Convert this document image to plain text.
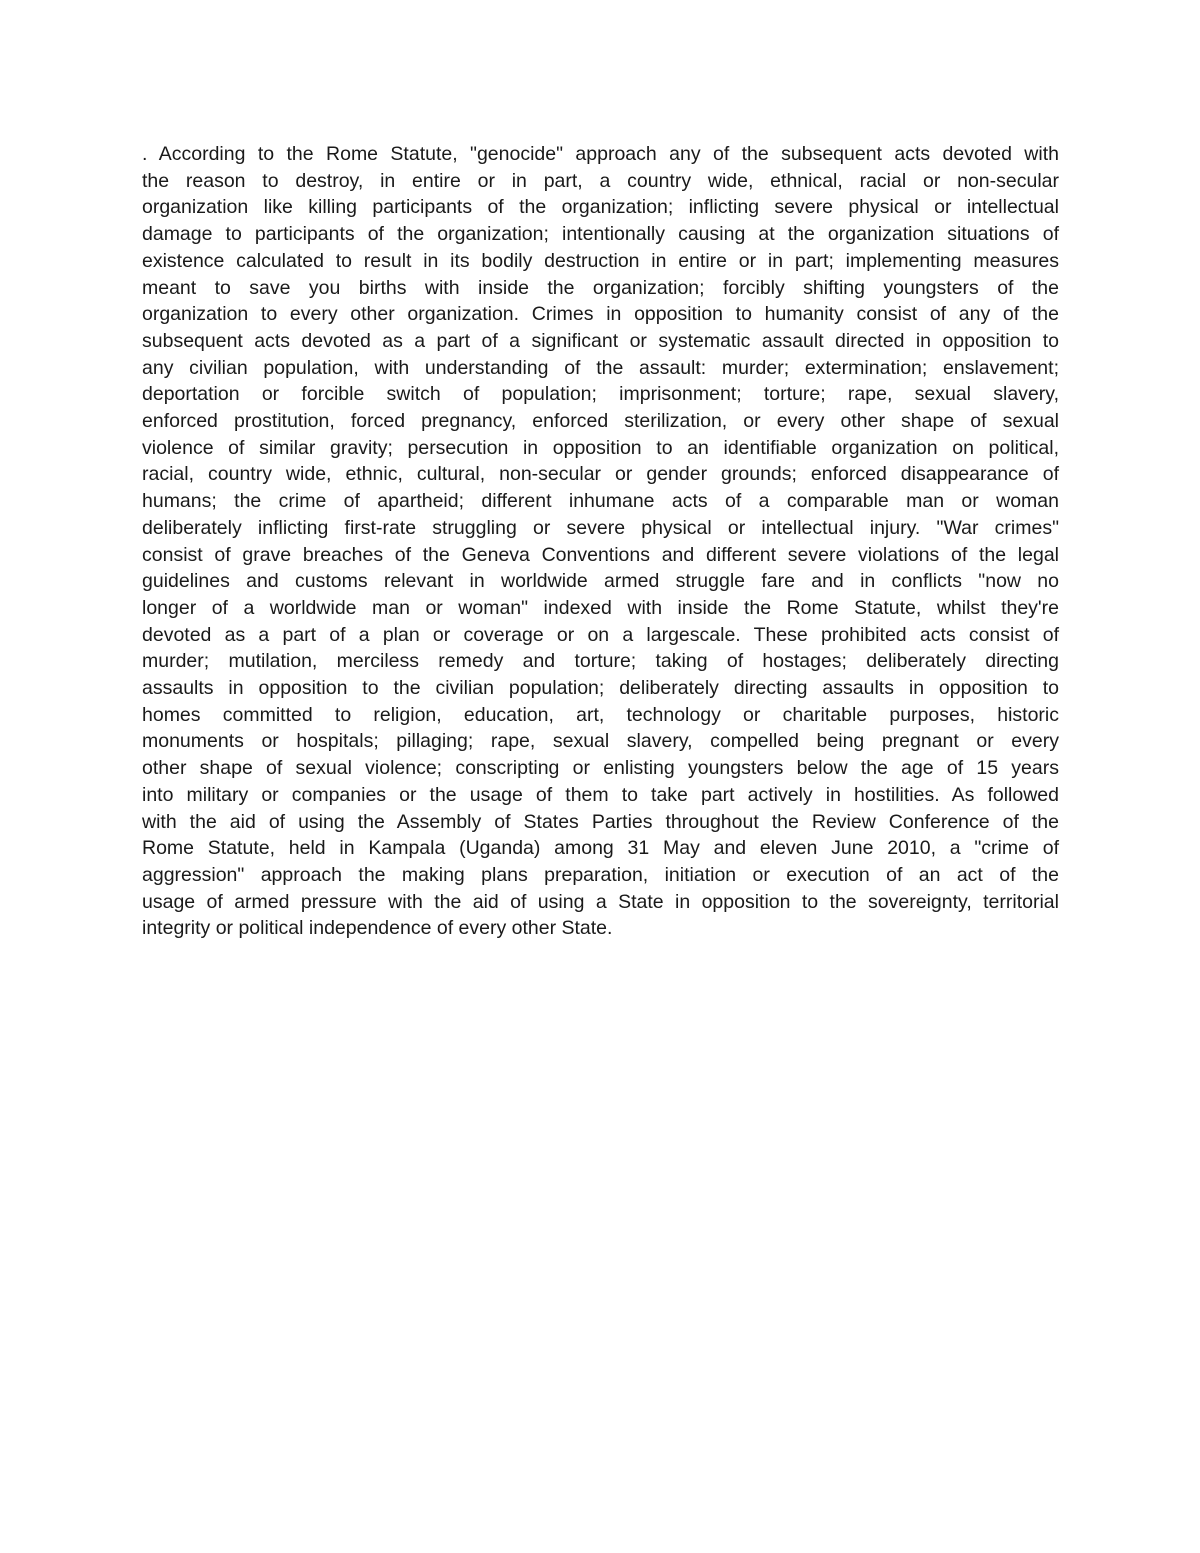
. According to the Rome Statute, "genocide" approach any of the subsequent acts devoted with
the reason to destroy, in entire or in part, a country wide, ethnical, racial or non-secular
organization like killing participants of the organization; inflicting severe physical or intellectual
damage to participants of the organization; intentionally causing at the organization situations of
existence calculated to result in its bodily destruction in entire or in part; implementing measures
meant to save you births with inside the organization; forcibly shifting youngsters of the
organization to every other organization. Crimes in opposition to humanity consist of any of the
subsequent acts devoted as a part of a significant or systematic assault directed in opposition to
any civilian population, with understanding of the assault: murder; extermination; enslavement;
deportation or forcible switch of population; imprisonment; torture; rape, sexual slavery,
enforced prostitution, forced pregnancy, enforced sterilization, or every other shape of sexual
violence of similar gravity; persecution in opposition to an identifiable organization on political,
racial, country wide, ethnic, cultural, non-secular or gender grounds; enforced disappearance of
humans; the crime of apartheid; different inhumane acts of a comparable man or woman
deliberately inflicting first-rate struggling or severe physical or intellectual injury. "War crimes"
consist of grave breaches of the Geneva Conventions and different severe violations of the legal
guidelines and customs relevant in worldwide armed struggle fare and in conflicts "now no
longer of a worldwide man or woman" indexed with inside the Rome Statute, whilst they're
devoted as a part of a plan or coverage or on a largescale. These prohibited acts consist of
murder; mutilation, merciless remedy and torture; taking of hostages; deliberately directing
assaults in opposition to the civilian population; deliberately directing assaults in opposition to
homes committed to religion, education, art, technology or charitable purposes, historic
monuments or hospitals; pillaging; rape, sexual slavery, compelled being pregnant or every
other shape of sexual violence; conscripting or enlisting youngsters below the age of 15 years
into military or companies or the usage of them to take part actively in hostilities. As followed
with the aid of using the Assembly of States Parties throughout the Review Conference of the
Rome Statute, held in Kampala (Uganda) among 31 May and eleven June 2010, a "crime of
aggression" approach the making plans preparation, initiation or execution of an act of the
usage of armed pressure with the aid of using a State in opposition to the sovereignty, territorial
integrity or political independence of every other State.
